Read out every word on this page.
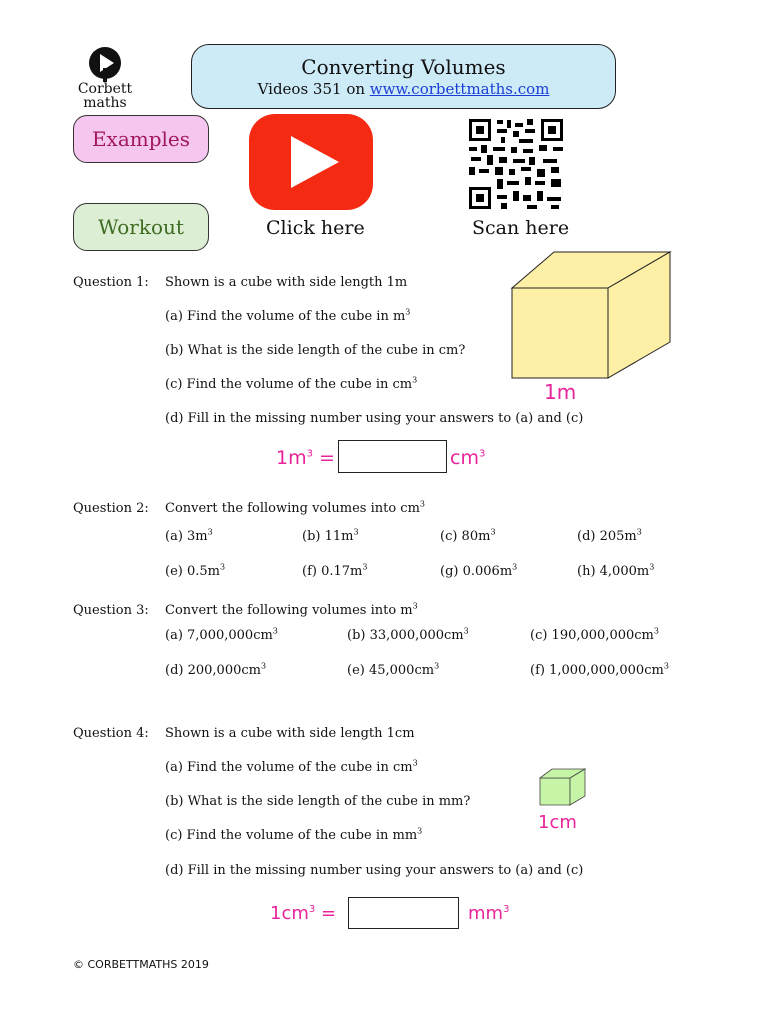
Corbett
maths
Converting Volumes
Videos 351 on www.corbettmaths.com
Examples
Workout	Click here	Scan here
Question 1: Shown is a cube with side length 1m
(a) Find the volume of the cube in $m^3$
(b) What is the side length of the cube in cm?
(c) Find the volume of the cube in $cm^3$
(d) Fill in the missing number using your answers to (a) and (c)
1m
$1m^3$ =	$cm^3$
Question 2: Convert the following volumes into $cm^3$
(a) $3m^3$	(b) $11m^3$	(c) $80m^3$	(d) $205m^3$
(e) $0.5m^3$	(f) $0.17m^3$	(g) $0.006m^3$	(h) $4,000m^3$
Question 3: Convert the following volumes into $m^3$
(a) $7,000,000cm^3$	(b) $33,000,000cm^3$	(c) $190,000,000cm^3$
(d) $200,000cm^3$	(e) $45,000cm^3$	(f) $1,000,000,000cm^3$
Question 4: Shown is a cube with side length 1cm
(a) Find the volume of the cube in $cm^3$
(b) What is the side length of the cube in mm?
(c) Find the volume of the cube in $mm^3$
(d) Fill in the missing number using your answers to (a) and (c)
1cm
$1cm^3$ =	$mm^3$
© CORBETTMATHS 2019
